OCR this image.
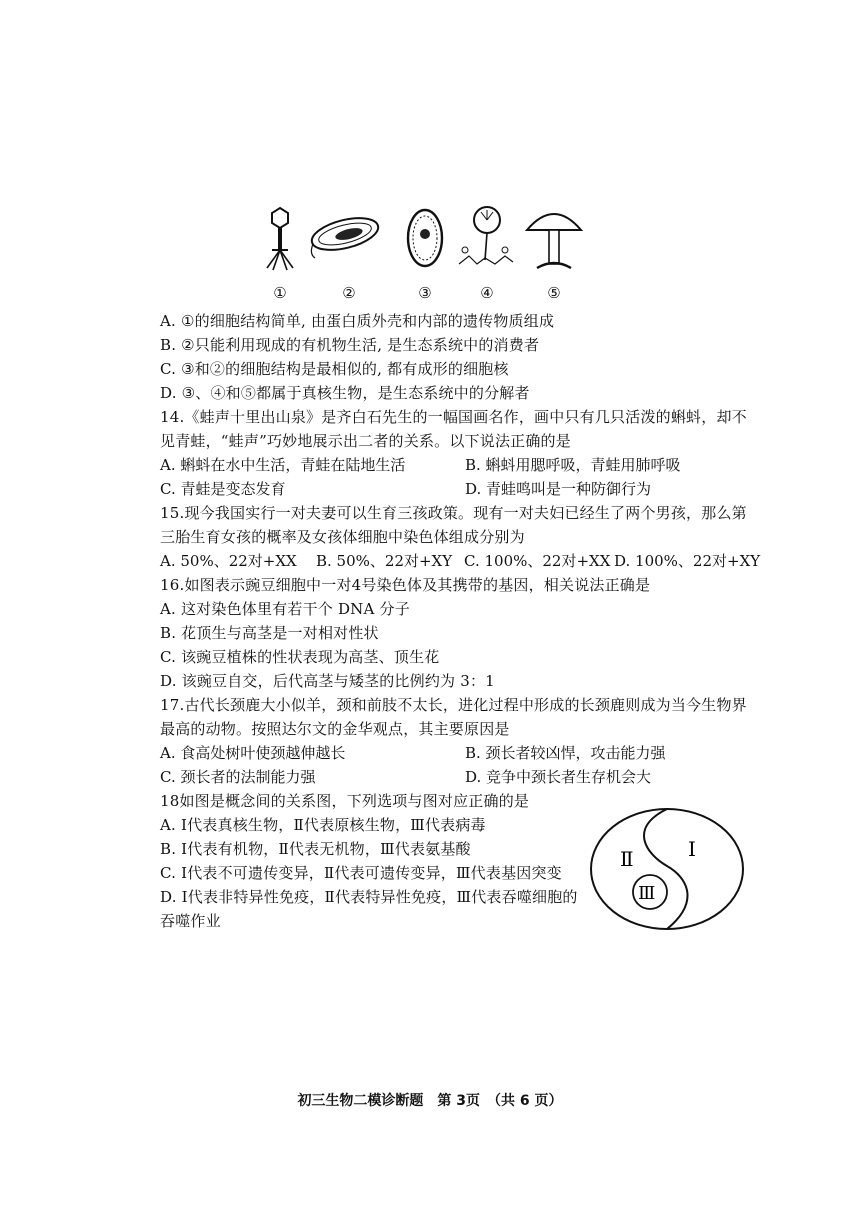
①	②	③	④	⑤
A. ①的细胞结构简单, 由蛋白质外壳和内部的遗传物质组成
B. ②只能利用现成的有机物生活, 是生态系统中的消费者
C. ③和②的细胞结构是最相似的, 都有成形的细胞核
D. ③、④和⑤都属于真核生物，是生态系统中的分解者
14.《蛙声十里出山泉》是齐白石先生的一幅国画名作，画中只有几只活泼的蝌蚪，却不
见青蛙，“蛙声”巧妙地展示出二者的关系。以下说法正确的是
A. 蝌蚪在水中生活，青蛙在陆地生活	B. 蝌蚪用腮呼吸，青蛙用肺呼吸
C. 青蛙是变态发育	D. 青蛙鸣叫是一种防御行为
15.现今我国实行一对夫妻可以生育三孩政策。现有一对夫妇已经生了两个男孩，那么第
三胎生育女孩的概率及女孩体细胞中染色体组成分别为
A. 50%、22对+XX B. 50%、22对+XY C. 100%、22对+XX D. 100%、22对+XY
16.如图表示豌豆细胞中一对4号染色体及其携带的基因，相关说法正确是
A. 这对染色体里有若干个 DNA 分子
B. 花顶生与高茎是一对相对性状
C. 该豌豆植株的性状表现为高茎、顶生花
D. 该豌豆自交，后代高茎与矮茎的比例约为 3：1
17.古代长颈鹿大小似羊，颈和前肢不太长，进化过程中形成的长颈鹿则成为当今生物界
最高的动物。按照达尔文的金华观点，其主要原因是
A. 食高处树叶使颈越伸越长	B. 颈长者较凶悍，攻击能力强
C. 颈长者的法制能力强	D. 竞争中颈长者生存机会大
18如图是概念间的关系图，下列选项与图对应正确的是
A. Ⅰ代表真核生物，Ⅱ代表原核生物，Ⅲ代表病毒
B. Ⅰ代表有机物，Ⅱ代表无机物，Ⅲ代表氨基酸
C. Ⅰ代表不可遗传变异，Ⅱ代表可遗传变异，Ⅲ代表基因突变
D. Ⅰ代表非特异性免疫，Ⅱ代表特异性免疫，Ⅲ代表吞噬细胞的
吞噬作业
Ⅰ
Ⅱ
Ⅲ
初三生物二模诊断题　第 3页　（共 6 页）
